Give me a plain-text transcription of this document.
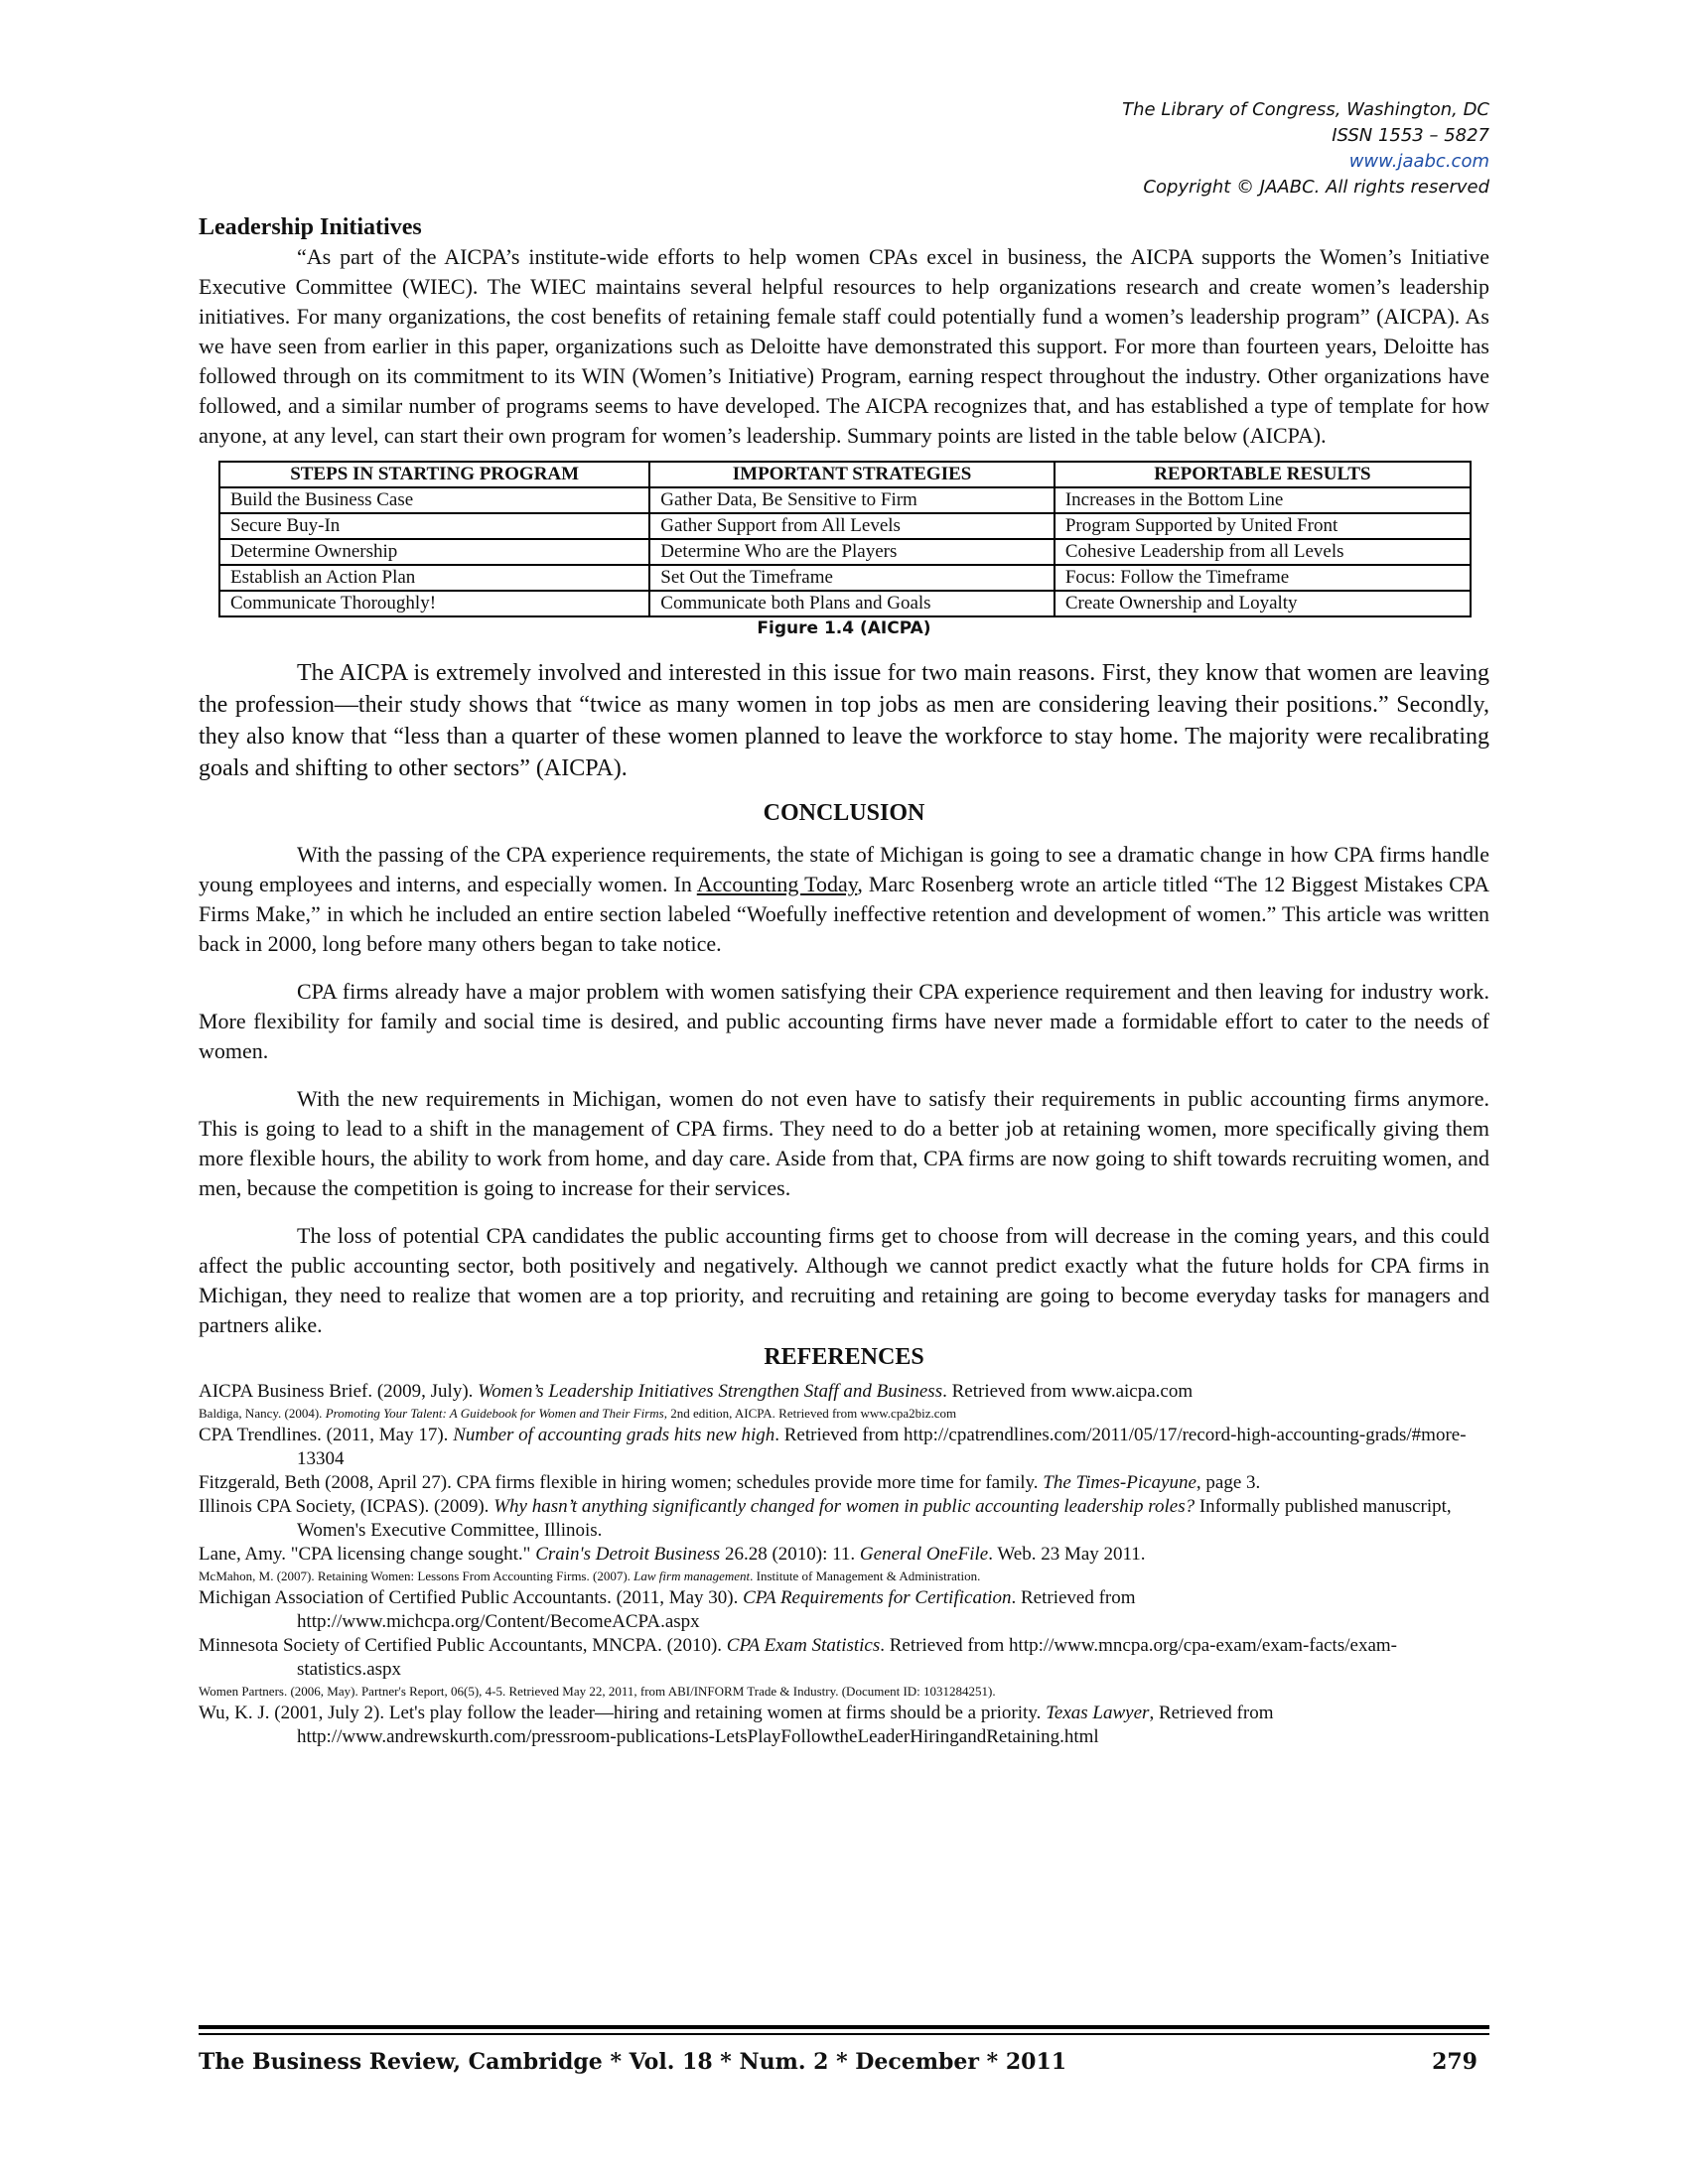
The Library of Congress, Washington, DC
ISSN 1553 – 5827
www.jaabc.com
Copyright © JAABC. All rights reserved
Leadership Initiatives

“As part of the AICPA’s institute-wide efforts to help women CPAs excel in business, the AICPA supports the Women’s Initiative Executive Committee (WIEC). The WIEC maintains several helpful resources to help organizations research and create women’s leadership initiatives. For many organizations, the cost benefits of retaining female staff could potentially fund a women’s leadership program” (AICPA). As we have seen from earlier in this paper, organizations such as Deloitte have demonstrated this support. For more than fourteen years, Deloitte has followed through on its commitment to its WIN (Women’s Initiative) Program, earning respect throughout the industry. Other organizations have followed, and a similar number of programs seems to have developed. The AICPA recognizes that, and has established a type of template for how anyone, at any level, can start their own program for women’s leadership. Summary points are listed in the table below (AICPA).

STEPS IN STARTING PROGRAM	IMPORTANT STRATEGIES	REPORTABLE RESULTS
Build the Business Case	Gather Data, Be Sensitive to Firm	Increases in the Bottom Line
Secure Buy-In	Gather Support from All Levels	Program Supported by United Front
Determine Ownership	Determine Who are the Players	Cohesive Leadership from all Levels
Establish an Action Plan	Set Out the Timeframe	Focus: Follow the Timeframe
Communicate Thoroughly!	Communicate both Plans and Goals	Create Ownership and Loyalty
Figure 1.4 (AICPA)

The AICPA is extremely involved and interested in this issue for two main reasons. First, they know that women are leaving the profession—their study shows that “twice as many women in top jobs as men are considering leaving their positions.” Secondly, they also know that “less than a quarter of these women planned to leave the workforce to stay home. The majority were recalibrating goals and shifting to other sectors” (AICPA).

CONCLUSION

With the passing of the CPA experience requirements, the state of Michigan is going to see a dramatic change in how CPA firms handle young employees and interns, and especially women. In Accounting Today, Marc Rosenberg wrote an article titled “The 12 Biggest Mistakes CPA Firms Make,” in which he included an entire section labeled “Woefully ineffective retention and development of women.” This article was written back in 2000, long before many others began to take notice.

CPA firms already have a major problem with women satisfying their CPA experience requirement and then leaving for industry work. More flexibility for family and social time is desired, and public accounting firms have never made a formidable effort to cater to the needs of women.

With the new requirements in Michigan, women do not even have to satisfy their requirements in public accounting firms anymore. This is going to lead to a shift in the management of CPA firms. They need to do a better job at retaining women, more specifically giving them more flexible hours, the ability to work from home, and day care. Aside from that, CPA firms are now going to shift towards recruiting women, and men, because the competition is going to increase for their services.

The loss of potential CPA candidates the public accounting firms get to choose from will decrease in the coming years, and this could affect the public accounting sector, both positively and negatively. Although we cannot predict exactly what the future holds for CPA firms in Michigan, they need to realize that women are a top priority, and recruiting and retaining are going to become everyday tasks for managers and partners alike.

REFERENCES

AICPA Business Brief. (2009, July). Women’s Leadership Initiatives Strengthen Staff and Business. Retrieved from www.aicpa.com

Baldiga, Nancy. (2004). Promoting Your Talent: A Guidebook for Women and Their Firms, 2nd edition, AICPA. Retrieved from www.cpa2biz.com

CPA Trendlines. (2011, May 17). Number of accounting grads hits new high. Retrieved from http://cpatrendlines.com/2011/05/17/record-high-accounting-grads/#more-13304

Fitzgerald, Beth (2008, April 27). CPA firms flexible in hiring women; schedules provide more time for family. The Times-Picayune, page 3.

Illinois CPA Society, (ICPAS). (2009). Why hasn’t anything significantly changed for women in public accounting leadership roles? Informally published manuscript, Women's Executive Committee, Illinois.

Lane, Amy. "CPA licensing change sought." Crain's Detroit Business 26.28 (2010): 11. General OneFile. Web. 23 May 2011.

McMahon, M. (2007). Retaining Women: Lessons From Accounting Firms. (2007). Law firm management. Institute of Management & Administration.

Michigan Association of Certified Public Accountants. (2011, May 30). CPA Requirements for Certification. Retrieved from http://www.michcpa.org/Content/BecomeACPA.aspx

Minnesota Society of Certified Public Accountants, MNCPA. (2010). CPA Exam Statistics. Retrieved from http://www.mncpa.org/cpa-exam/exam-facts/exam-statistics.aspx

Women Partners. (2006, May). Partner's Report, 06(5), 4-5. Retrieved May 22, 2011, from ABI/INFORM Trade & Industry. (Document ID: 1031284251).

Wu, K. J. (2001, July 2). Let's play follow the leader—hiring and retaining women at firms should be a priority. Texas Lawyer, Retrieved from http://www.andrewskurth.com/pressroom-publications-LetsPlayFollowtheLeaderHiringandRetaining.html

The Business Review, Cambridge * Vol. 18 * Num. 2 * December * 2011	279
